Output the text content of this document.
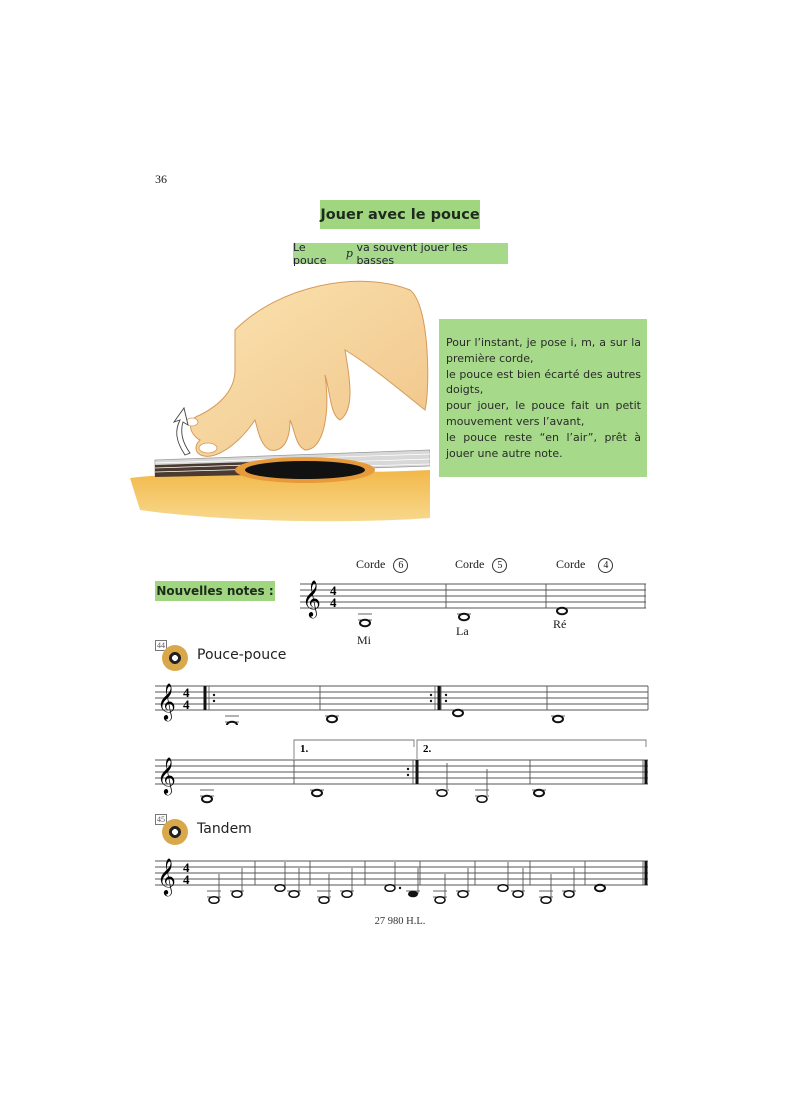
36
Jouer avec le pouce
Le pouce
	p
va souvent jouer les basses

Pour l’instant, je pose i, m, a sur la première corde,

le pouce est bien écarté des autres doigts,

pour jouer, le pouce fait un petit mouvement vers l’avant,

le pouce reste “en l’air”, prêt à jouer une autre note.

Nouvelles notes :
Corde 6	Corde 5	Corde 4
Mi
La	Ré
𝄞 4
4
44
Pouce-pouce
𝄞 4
4
1.	2.
𝄞
45
Tandem
𝄞 4
4
27 980 H.L.
